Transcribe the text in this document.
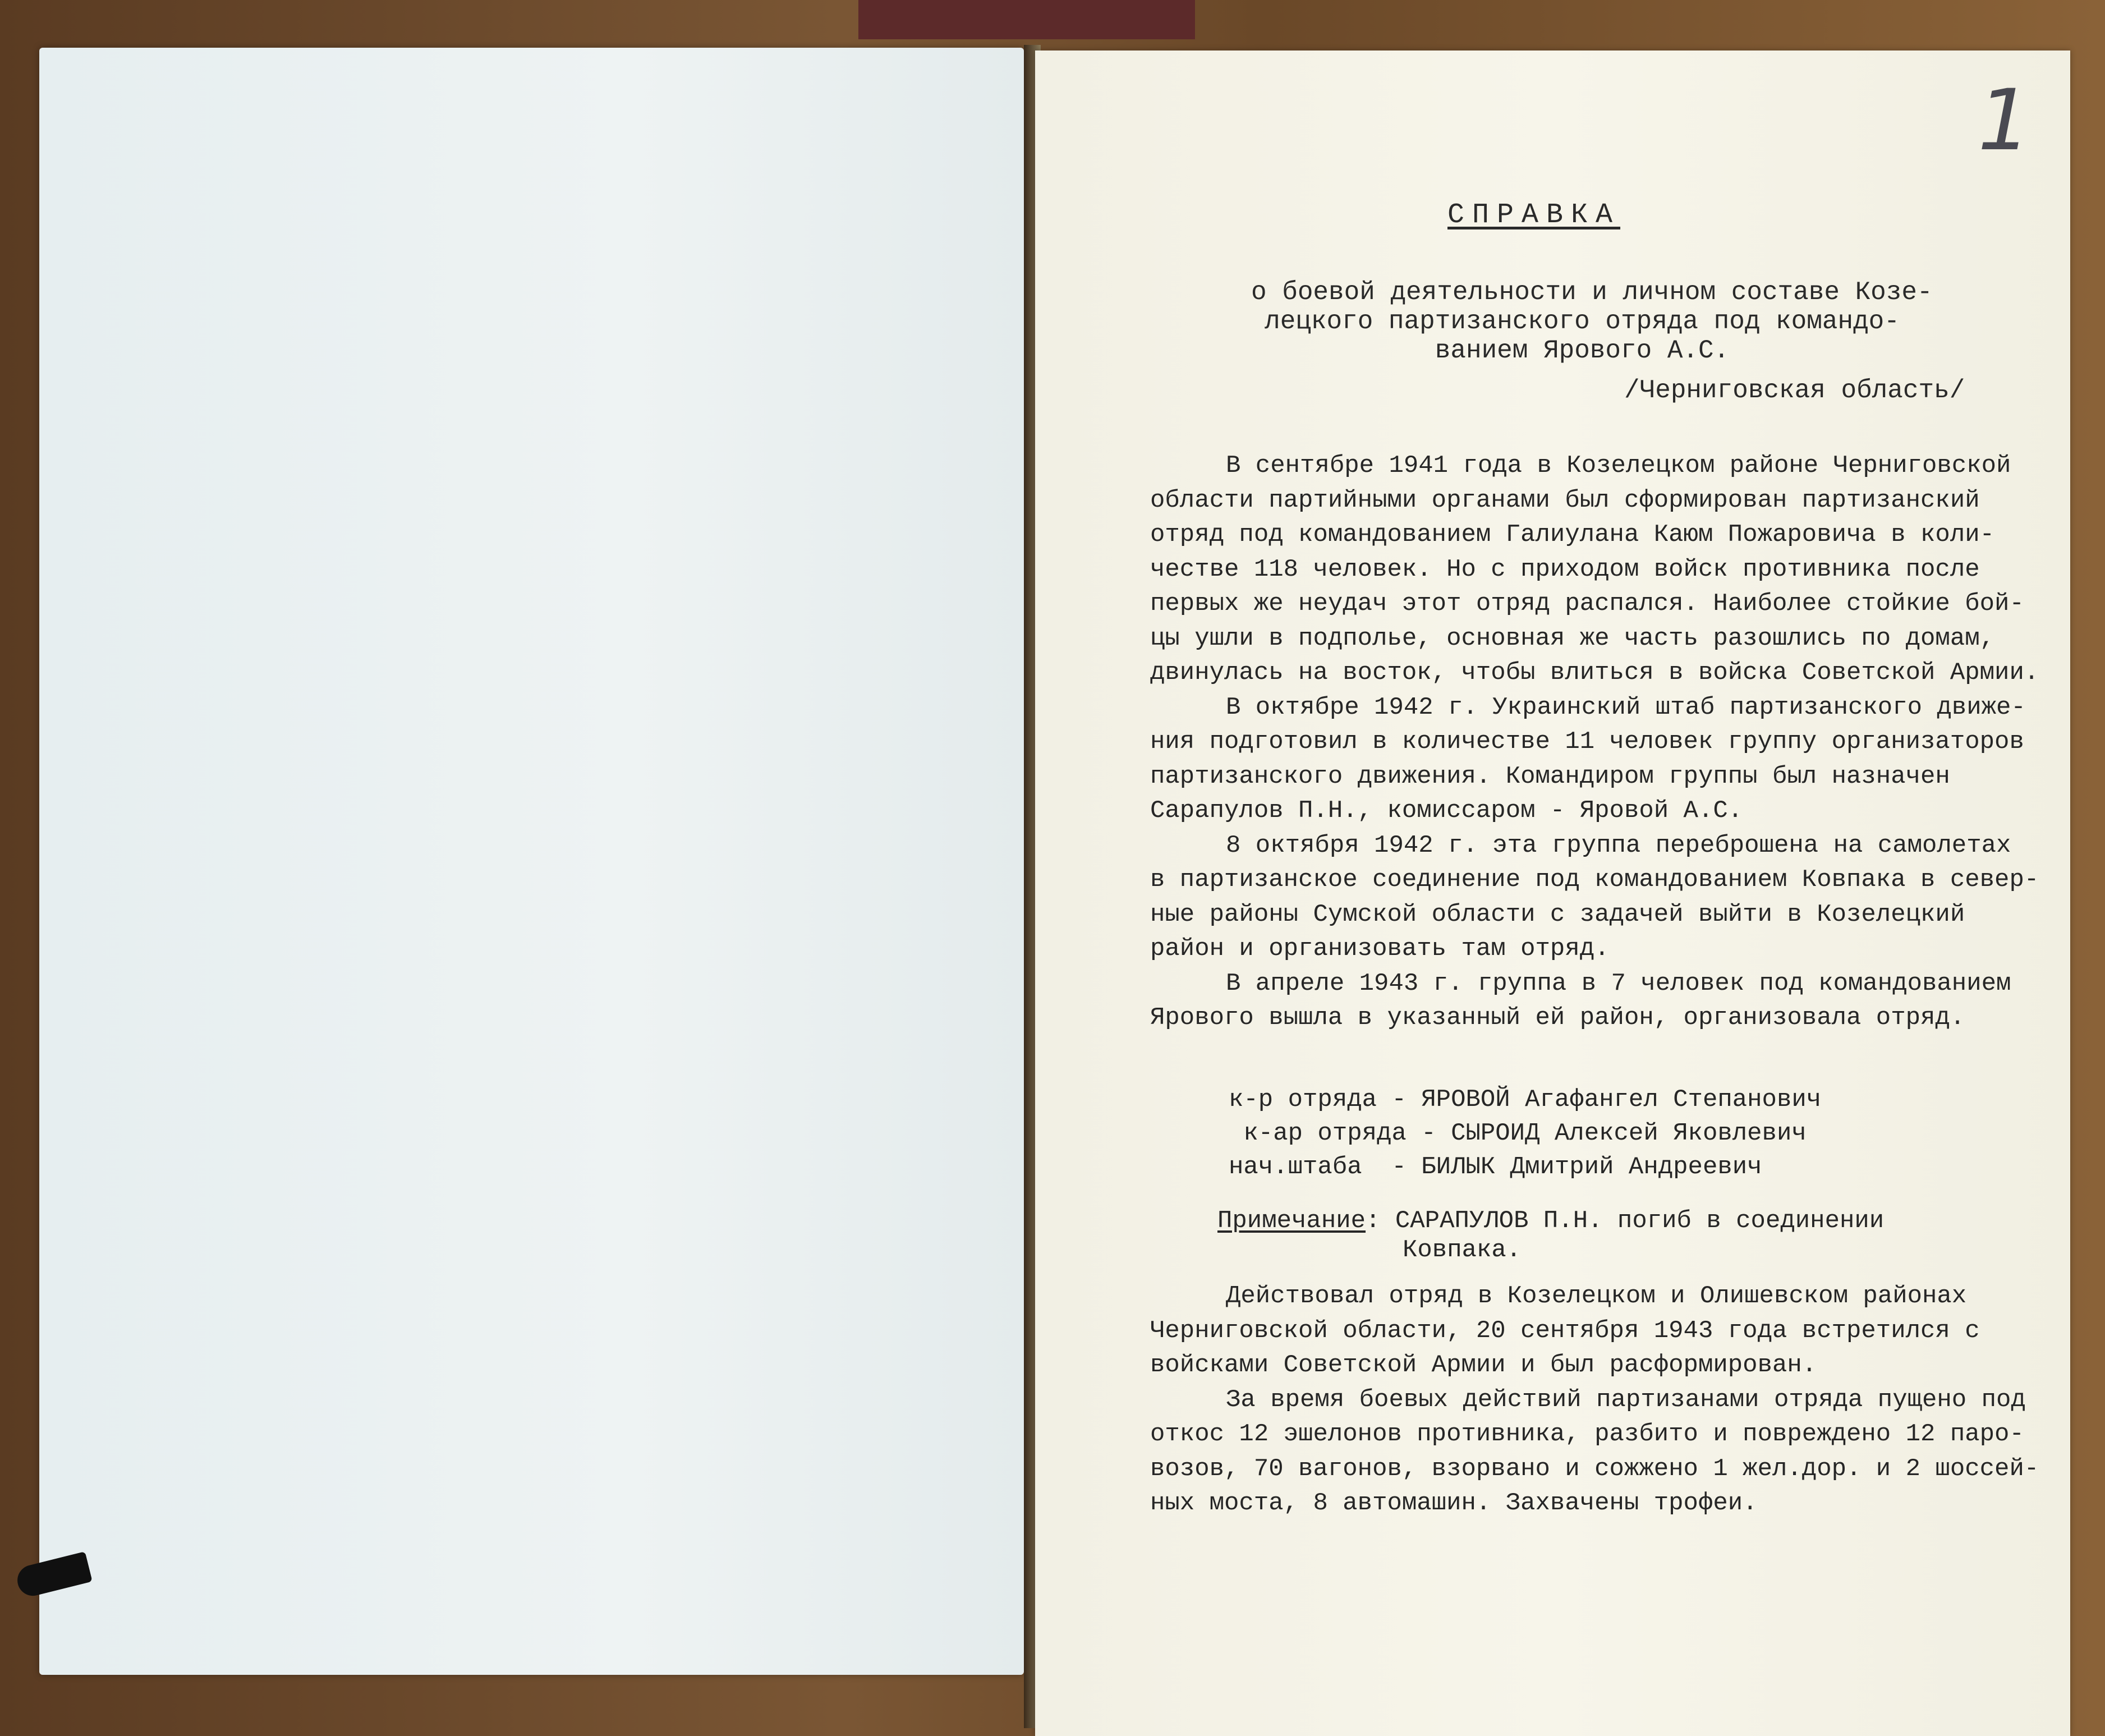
1
СПРАВКА
о боевой деятельности и личном составе Козе-
лецкого партизанского отряда под командо-
ванием Ярового А.С.
/Черниговская область/
В сентябре 1941 года в Козелецком районе Черниговской
области партийными органами был сформирован партизанский
отряд под командованием Галиулана Каюм Пожаровича в коли-
честве 118 человек. Но с приходом войск противника после
первых же неудач этот отряд распался. Наиболее стойкие бой-
цы ушли в подполье, основная же часть разошлись по домам,
двинулась на восток, чтобы влиться в войска Советской Армии.
В октябре 1942 г. Украинский штаб партизанского движе-
ния подготовил в количестве 11 человек группу организаторов
партизанского движения. Командиром группы был назначен
Сарапулов П.Н., комиссаром - Яровой А.С.
8 октября 1942 г. эта группа переброшена на самолетах
в партизанское соединение под командованием Ковпака в север-
ные районы Сумской области с задачей выйти в Козелецкий
район и организовать там отряд.
В апреле 1943 г. группа в 7 человек под командованием
Ярового вышла в указанный ей район, организовала отряд.
к-р отряда - ЯРОВОЙ Агафангел Степанович
к-ар отряда - СЫРОИД Алексей Яковлевич
нач.штаба  - БИЛЫК Дмитрий Андреевич
Примечание: САРАПУЛОВ П.Н. погиб в соединении
Ковпака.
Действовал отряд в Козелецком и Олишевском районах
Черниговской области, 20 сентября 1943 года встретился с
войсками Советской Армии и был расформирован.
За время боевых действий партизанами отряда пущено под
откос 12 эшелонов противника, разбито и повреждено 12 паро-
возов, 70 вагонов, взорвано и сожжено 1 жел.дор. и 2 шоссей-
ных моста, 8 автомашин. Захвачены трофеи.
